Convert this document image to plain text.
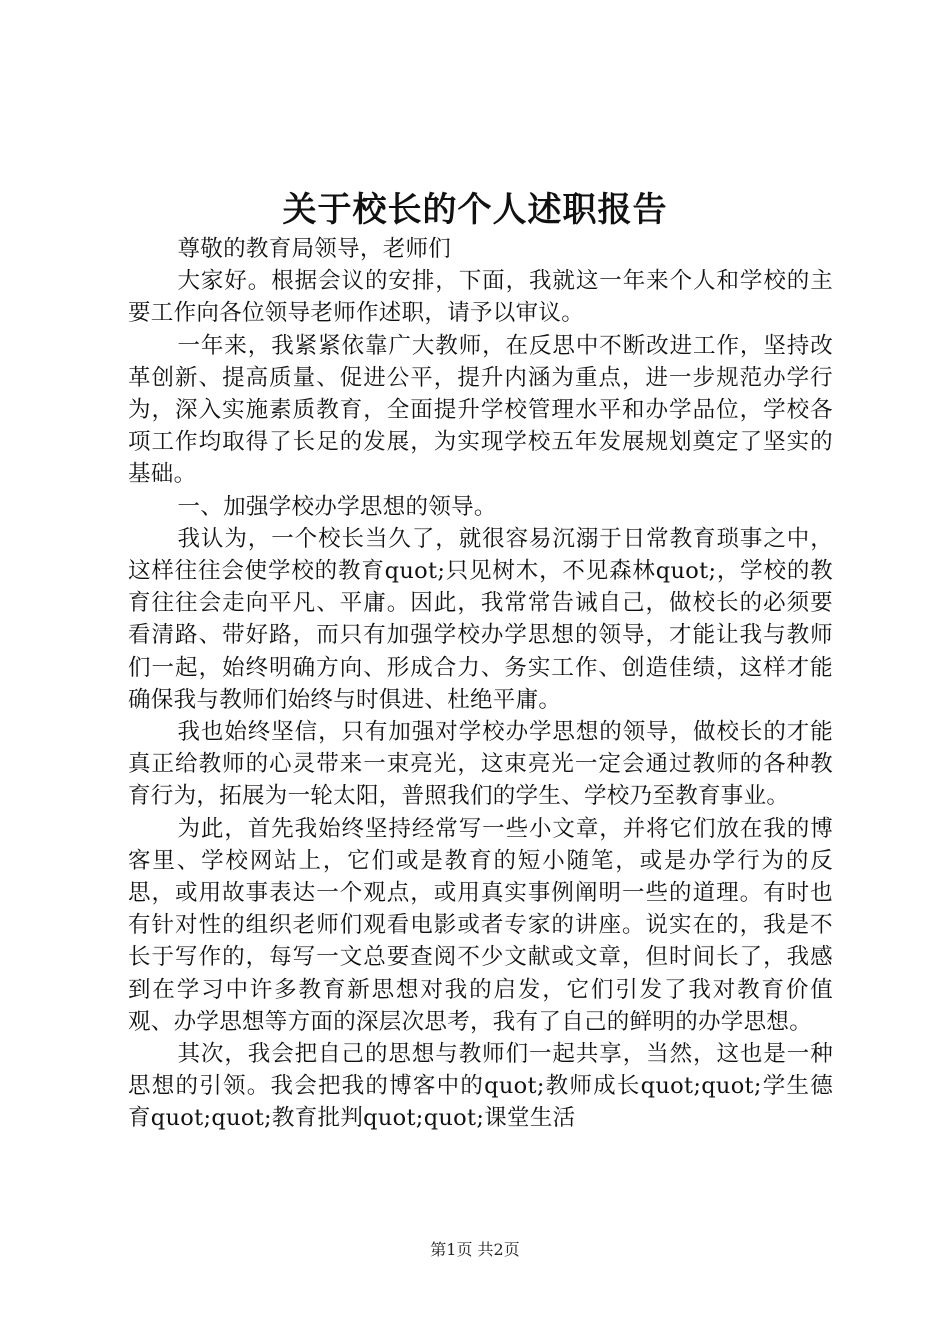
关于校长的个人述职报告

尊敬的教育局领导，老师们

大家好。根据会议的安排，下面，我就这一年来个人和学校的主要工作向各位领导老师作述职，请予以审议。

一年来，我紧紧依靠广大教师，在反思中不断改进工作，坚持改革创新、提高质量、促进公平，提升内涵为重点，进一步规范办学行为，深入实施素质教育，全面提升学校管理水平和办学品位，学校各项工作均取得了长足的发展，为实现学校五年发展规划奠定了坚实的基础。

一、加强学校办学思想的领导。

我认为，一个校长当久了，就很容易沉溺于日常教育琐事之中，这样往往会使学校的教育quot;只见树木，不见森林quot;，学校的教育往往会走向平凡、平庸。因此，我常常告诫自己，做校长的必须要看清路、带好路，而只有加强学校办学思想的领导，才能让我与教师们一起，始终明确方向、形成合力、务实工作、创造佳绩，这样才能确保我与教师们始终与时俱进、杜绝平庸。

我也始终坚信，只有加强对学校办学思想的领导，做校长的才能真正给教师的心灵带来一束亮光，这束亮光一定会通过教师的各种教育行为，拓展为一轮太阳，普照我们的学生、学校乃至教育事业。

为此，首先我始终坚持经常写一些小文章，并将它们放在我的博客里、学校网站上，它们或是教育的短小随笔，或是办学行为的反思，或用故事表达一个观点，或用真实事例阐明一些的道理。有时也有针对性的组织老师们观看电影或者专家的讲座。说实在的，我是不长于写作的，每写一文总要查阅不少文献或文章，但时间长了，我感到在学习中许多教育新思想对我的启发，它们引发了我对教育价值观、办学思想等方面的深层次思考，我有了自己的鲜明的办学思想。

其次，我会把自己的思想与教师们一起共享，当然，这也是一种思想的引领。我会把我的博客中的quot;教师成长quot;quot;学生德育quot;quot;教育批判quot;quot;课堂生活

第1页 共2页
